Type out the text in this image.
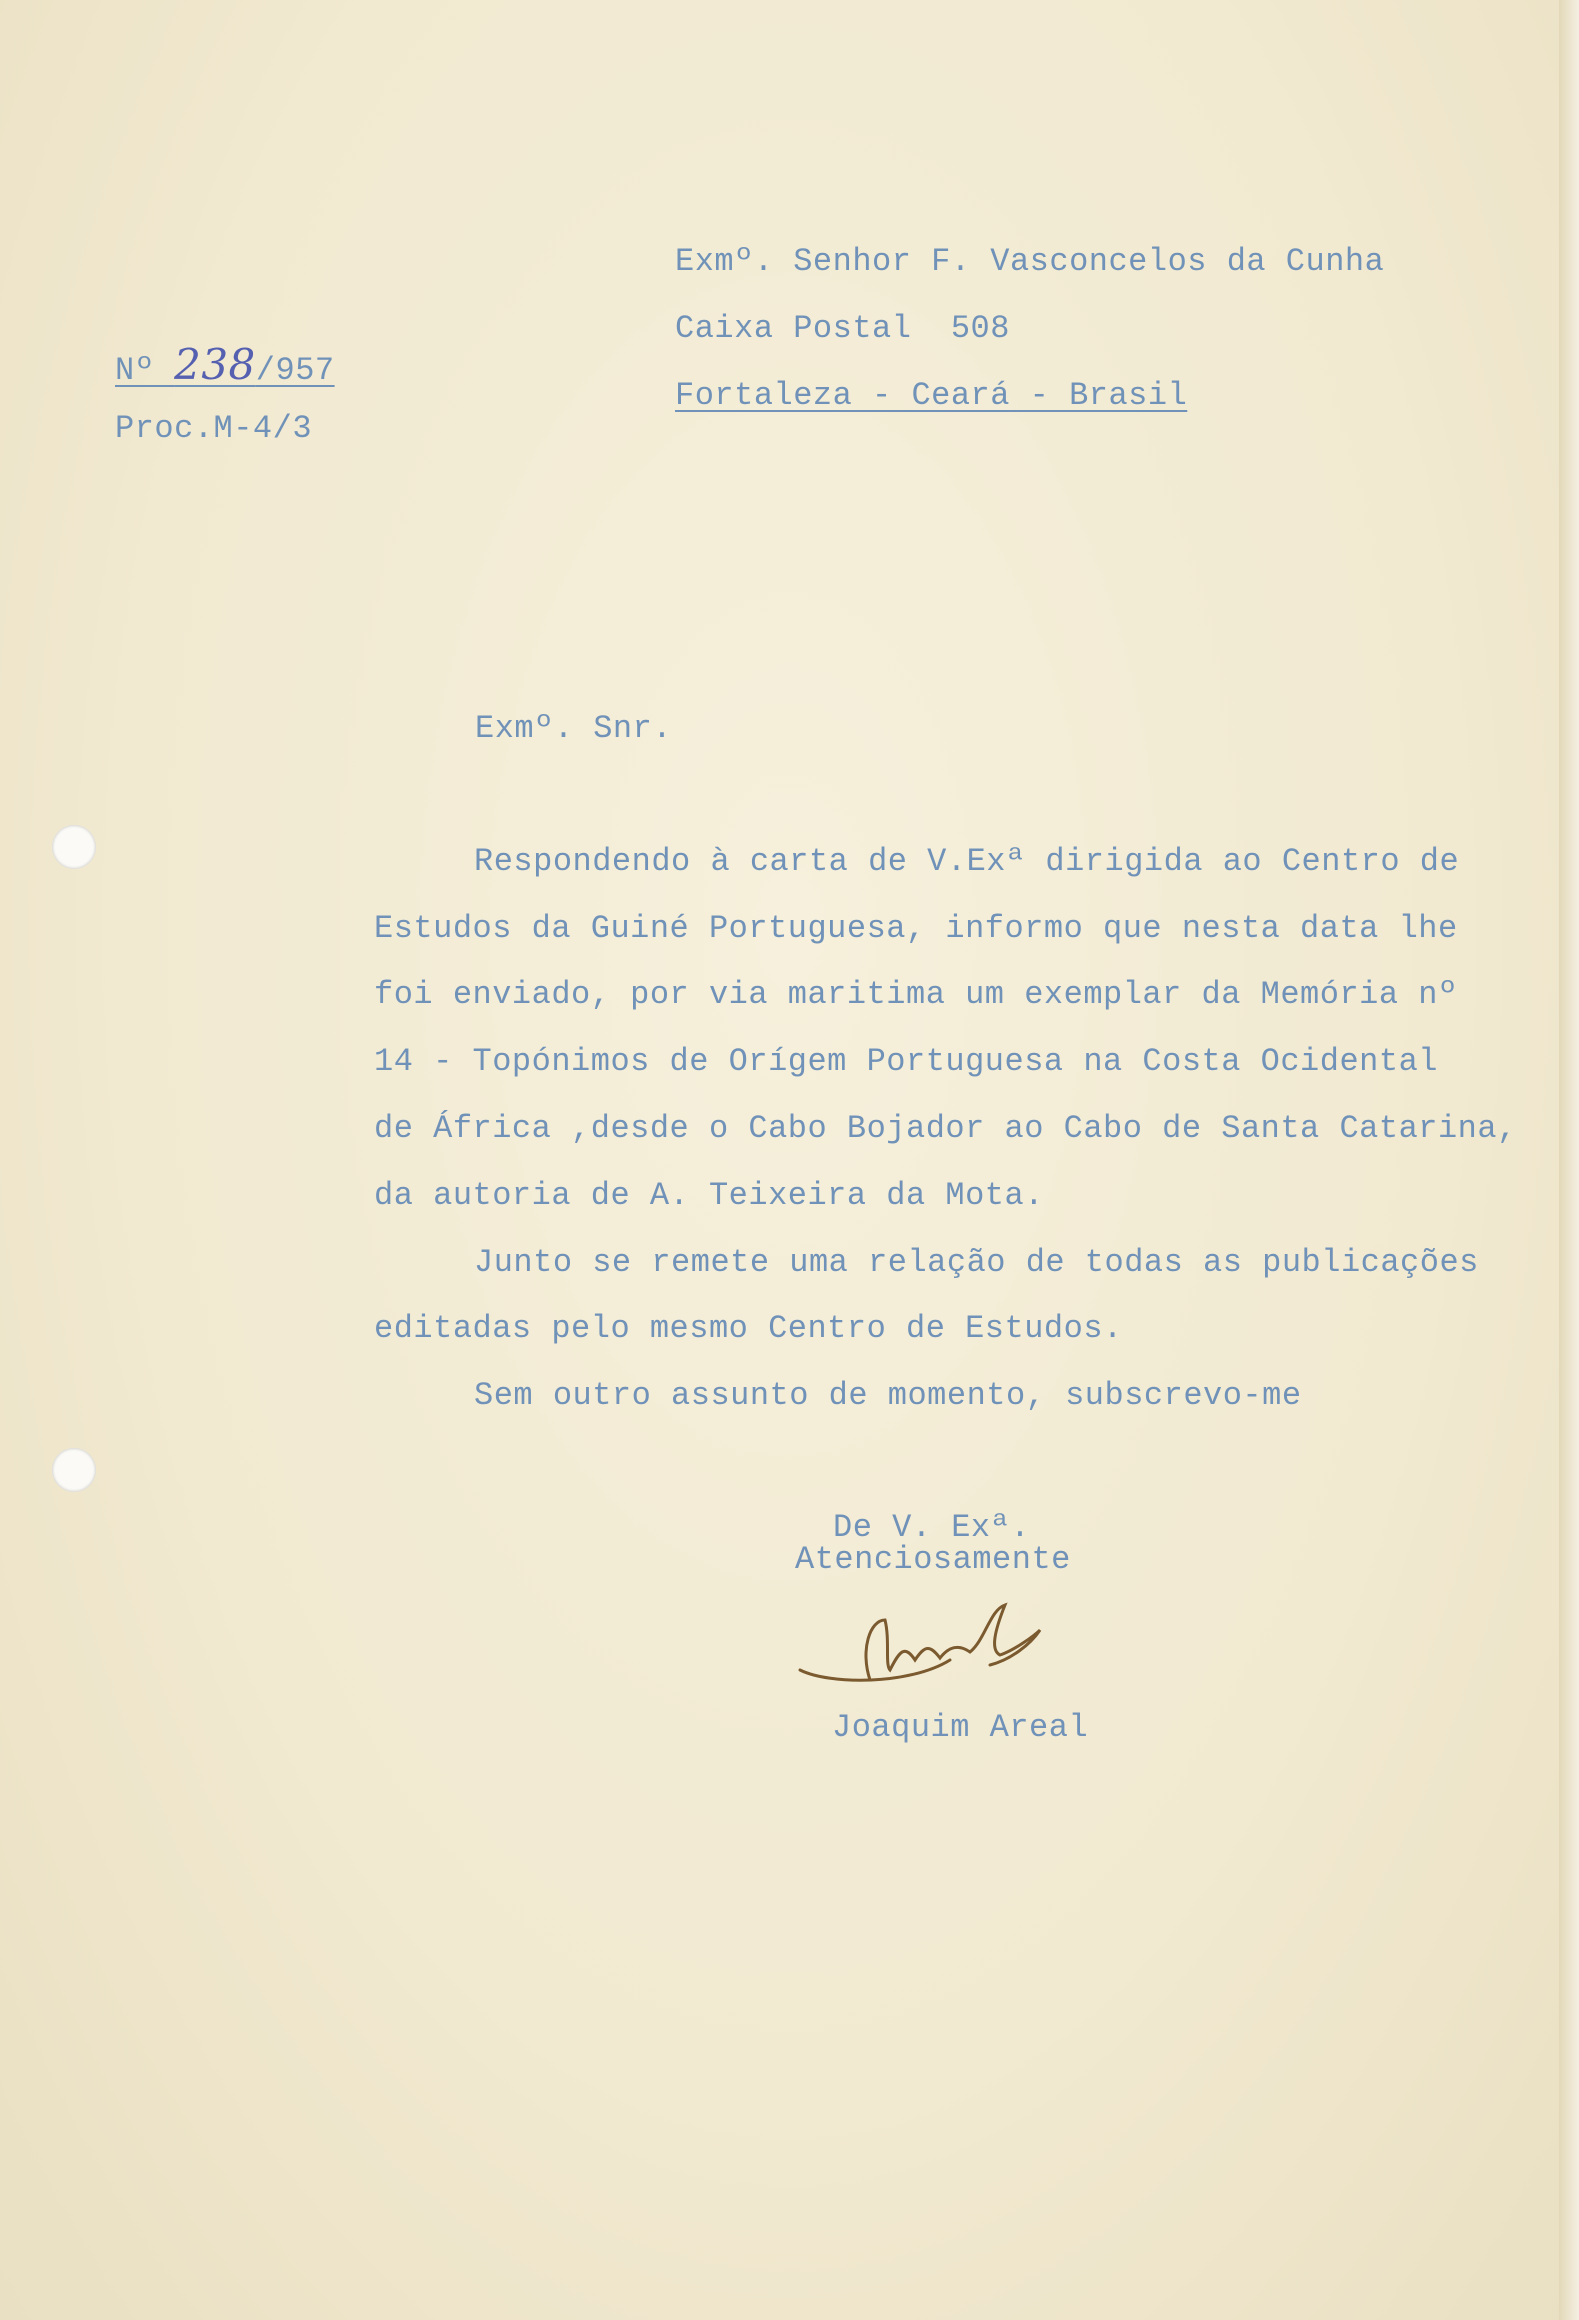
Exmº. Senhor F. Vasconcelos da Cunha
Caixa Postal  508
Fortaleza - Ceará - Brasil
Nº 238/957
Proc.M-4/3
Exmº. Snr.
Respondendo à carta de V.Exª dirigida ao Centro de
Estudos da Guiné Portuguesa, informo que nesta data lhe
foi enviado, por via maritima um exemplar da Memória nº
14 - Topónimos de Orígem Portuguesa na Costa Ocidental
de África ,desde o Cabo Bojador ao Cabo de Santa Catarina,
da autoria de A. Teixeira da Mota.
Junto se remete uma relação de todas as publicações
editadas pelo mesmo Centro de Estudos.
Sem outro assunto de momento, subscrevo-me
De V. Exª.
Atenciosamente
Joaquim Areal
